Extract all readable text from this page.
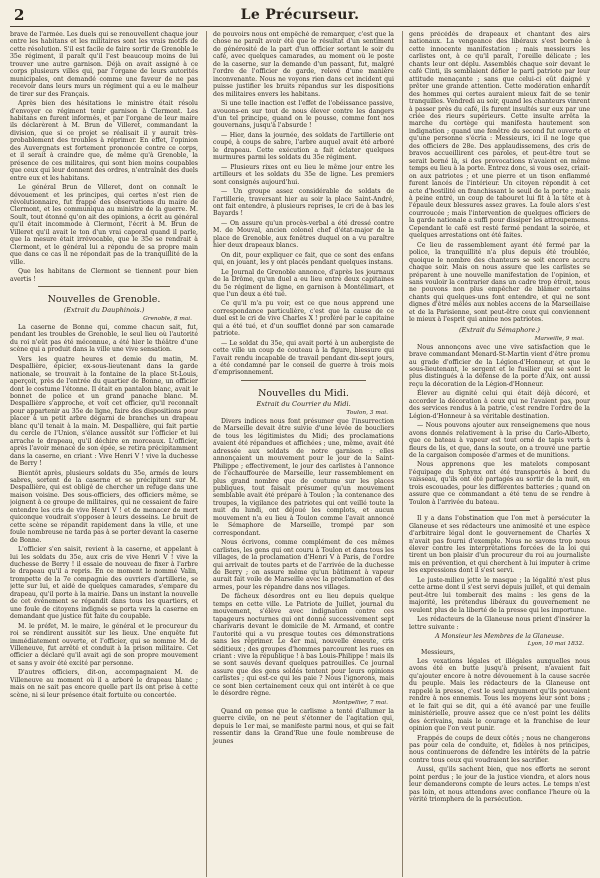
2	Le Précurseur.

brave de l'armée. Les duels qui se renouvellent chaque jour entre les habitans et les militaires sont les vrais motifs de cette résolution. S'il est facile de faire sortir de Grenoble le 35e régiment, il paraît qu'il l'est beaucoup moins de lui trouver une autre garnison. Déjà on avait assigné à ce corps plusieurs villes qui, par l'organe de leurs autorités municipales, ont demandé comme une faveur de ne pas recevoir dans leurs murs un régiment qui a eu le malheur de tirer sur des Français.

Après bien des hésitations le ministre était résolu d'envoyer ce régiment tenir garnison à Clermont. Les habitans en furent informés, et par l'organe de leur maire ils déclarèrent à M. Brun de Villeret, commandant la division, que si ce projet se réalisait il y aurait très-probablement des troubles à réprimer. En effet, l'opinion des Auvergnats est fortement prononcée contre ce corps, et il serait à craindre que, de même qu'à Grenoble, la présence de ces militaires, qui sont bien moins coupables que ceux qui leur donnent des ordres, n'entraînât des duels entre eux et les habitans.

Le général Brun de Villeret, dont on connaît le dévouement et les principes, qui certes n'est rien de révolutionnaire, fut frappé des observations du maire de Clermont, et les communiqua au ministre de la guerre. M. Soult, tout étonné qu'on ait des opinions, a écrit au général qu'il était incommode à Clermont, l'écrit à M. Brun de Villeret qu'il avait le ton d'un vrai caporal quand il parle, que la mesure était irrévocable, que le 35e se rendrait à Clermont, et le général lui a répondu de sa propre main que dans ce cas il ne répondait pas de la tranquillité de la ville.

Que les habitans de Clermont se tiennent pour bien avertis !

Nouvelles de Grenoble.
(Extrait du Dauphinois.)
Grenoble, 8 mai.

La caserne de Bonne qui, comme chacun sait, fut, pendant les troubles de Grenoble, le seul lieu où l'autorité du roi n'eût pas été méconnue, a été hier le théâtre d'une scène qui a produit dans la ville une vive sensation.

Vers les quatre heures et demie du matin, M. Despallière, épicier, ex-sous-lieutenant dans la garde nationale, se trouvait à la fontaine de la place St-Louis, aperçoit, près de l'entrée du quartier de Bonne, un officier dont le costume l'étonne. Il était en pantalon blanc, avait le bonnet de police et un grand panache blanc. M. Despallière s'approche, et voit cet officier, qu'il reconnaît pour appartenir au 35e de ligne, faire des dispositions pour placer à un petit arbre dégarni de branches un drapeau blanc qu'il tenait à la main. M. Despallière, qui fait partie du cercle de l'Union, s'élance aussitôt sur l'officier et lui arrache le drapeau, qu'il déchire en morceaux. L'officier, après l'avoir menacé de son épée, se retira précipitamment dans la caserne, en criant : Vive Henri V ! vive la duchesse de Berry !

Bientôt après, plusieurs soldats du 35e, armés de leurs sabres, sortent de la caserne et se précipitent sur M. Despallière, qui est obligé de chercher un refuge dans une maison voisine. Des sous-officiers, des officiers même, se joignent à ce groupe de militaires, qui ne cessaient de faire entendre les cris de vive Henri V ! et de menacer de mort quiconque voudrait s'opposer à leurs desseins. Le bruit de cette scène se répandit rapidement dans la ville, et une foule nombreuse ne tarda pas à se porter devant la caserne de Bonne.

L'officier s'en saisit, revient à la caserne, et appelant à lui les soldats du 35e, aux cris de vive Henri V ! vive la duchesse de Berry ! il essaie de nouveau de fixer à l'arbre le drapeau qu'il a repris. En ce moment le nommé Valin, trompette de la 7e compagnie des ouvriers d'artillerie, se jette sur lui, et aidé de quelques camarades, s'empare du drapeau, qu'il porte à la mairie. Dans un instant la nouvelle de cet événement se répandit dans tous les quartiers, et une foule de citoyens indignés se porta vers la caserne en demandant que justice fût faite du coupable.

M. le préfet, M. le maire, le général et le procureur du roi se rendirent aussitôt sur les lieux. Une enquête fut immédiatement ouverte, et l'officier, qui se nomme M. de Villeneuve, fut arrêté et conduit à la prison militaire. Cet officier a déclaré qu'il avait agi de son propre mouvement et sans y avoir été excité par personne.

D'autres officiers, dit-on, accompagnaient M. de Villeneuve au moment où il a arboré le drapeau blanc ; mais on ne sait pas encore quelle part ils ont prise à cette scène, ni si leur présence était fortuite ou concertée.

de pouvoirs nous ont empêché de remarquer, c'est que la chose ne paraît avoir été que le résultat d'un sentiment de générosité de la part d'un officier sortant le soir du café, avec quelques camarades, au moment où le poste de la caserne, sur la demande d'un passant, fut, malgré l'ordre de l'officier de garde, relevé d'une manière inconvenante. Nous ne voyons rien dans cet incident qui puisse justifier les bruits répandus sur les dispositions des militaires envers les habitans.

Si une telle inaction est l'effet de l'obéissance passive, avouons-en sur tout de nous élever contre les dangers d'un tel principe, quand on le pousse, comme font nos gouvernans, jusqu'à l'absurde !

— Hier, dans la journée, des soldats de l'artillerie ont coupé, à coups de sabre, l'arbre auquel avait été arboré le drapeau. Cette exécution a fait éclater quelques murmures parmi les soldats du 35e régiment.

— Plusieurs rixes ont eu lieu le même jour entre les artilleurs et les soldats du 35e de ligne. Les premiers sont consignés aujourd'hui.

— Un groupe assez considérable de soldats de l'artillerie, traversant hier au soir la place Saint-André, ont fait entendre, à plusieurs reprises, le cri de à bas les Bayards !

— On assure qu'un procès-verbal a été dressé contre M. de Mouval, ancien colonel chef d'état-major de la place de Grenoble, aux fenêtres duquel on a vu paraître hier deux drapeaux blancs.

On dit, pour expliquer ce fait, que ce sont des enfans qui, en jouant, les y ont placés pendant quelques instans.

Le Journal de Grenoble annonce, d'après les journaux de la Drôme, qu'un duel a eu lieu entre deux capitaines du 5e régiment de ligne, en garnison à Montélimart, et que l'un deux a été tué.

Ce qu'il m'a pu voir, est ce que nous apprend une correspondance particulière, c'est que la cause de ce duel est le cri de vive Charles X ! proféré par le capitaine qui a été tué, et d'un soufflet donné par son camarade patriote.

— Le soldat du 35e, qui avait porté à un aubergiste de cette ville un coup de couteau à la figure, blessure qui l'avait rendu incapable de travail pendant dix-sept jours, a été condamné par le conseil de guerre à trois mois d'emprisonnement.

Nouvelles du Midi.
Extrait du Courrier du Midi.
Toulon, 3 mai.

Divers indices nous font présumer que l'insurrection de Marseille devait être suivie d'une levée de boucliers de tous les légitimistes du Midi; des proclamations avaient été répandues et affichées ; une, même, avait été adressée aux soldats de notre garnison : elles annonçaient un mouvement pour le jour de la Saint-Philippe ; effectivement, le jour des carlistes à l'annonce de l'échauffourée de Marseille, leur rassemblement en plus grand nombre que de coutume sur les places publiques, tout faisait présumer qu'un mouvement semblable avait été préparé à Toulon ; la contenance des troupes, la vigilance des patriotes qui ont veillé toute la nuit du lundi, ont déjoué les complots, et aucun mouvement n'a eu lieu à Toulon comme l'avait annoncé le Sémaphore de Marseille, trompé par son correspondant.

Nous écrivons, comme complément de ces mêmes carlistes, les gens qui ont couru à Toulon et dans tous les villages, de la proclamation d'Henri V à Paris, de l'ordre qui arrivait de toutes parts et de l'arrivée de la duchesse de Berry ; on assure même qu'un bâtiment à vapeur aurait fait voile de Marseille avec la proclamation et des armes, pour les répandre dans nos villages.

De fâcheux désordres ont eu lieu depuis quelque temps en cette ville. Le Patriote de Juillet, journal du mouvement, s'élève avec indignation contre ces tapageurs nocturnes qui ont donné successivement sept charivaris devant le domicile de M. Armand, et contre l'autorité qui a vu presque toutes ces démonstrations sans les réprimer. Le 4er mai, nouvelle émeute, cris séditieux ; des groupes d'hommes parcourent les rues en criant : vive la république ! à bas Louis-Philippe ! mais ils se sont sauvés devant quelques patrouilles. Ce journal assure que des gens soldés tentent pour leurs opinions carlistes ; qui est-ce qui les paie ? Nous l'ignorons, mais ce sont bien certainement ceux qui ont intérêt à ce que le désordre règne.

Montpellier, 7 mai.

Quand on pense que le carlisme a tenté d'allumer la guerre civile, on ne peut s'étonner de l'agitation qui, depuis le 1er mai, se manifeste parmi nous, et qui se fait ressentir dans la Grand'Rue une foule nombreuse de jeunes

gens précédés de drapeaux et chantant des airs nationaux. La vengeance des libéraux s'est bornée à cette innocente manifestation ; mais messieurs les carlistes ont, à ce qu'il paraît, l'oreille délicate ; les chants leur ont déplu. Assemblés chaque soir devant le café Cinti, ils semblaient défier le parti patriote par leur attitude menaçante ; sans que celui-ci eût daigné y prêter une grande attention. Cette modération enhardit des hommes qui certes auraient mieux fait de se tenir tranquilles. Vendredi au soir, quand les chanteurs vinrent à passer près du café, ils furent insultés sur eux par une criée des rieurs supérieurs. Cette insulte arrêta la marche du cortège qui manifesta hautement son indignation ; quand une fenêtre du second fut ouverte et qu'une personne s'écria : Messieurs, ici il ne loge que des officiers de 28e. Des applaudissemens, des cris de bravos accueillirent ces paroles, et peut-être tout se serait borné là, si des provocations n'avaient en même temps eu lieu à la porte. Entrez donc, si vous osez, criait-on aux patriotes ; et une pierre et un tison enflammé furent lancés de l'intérieur. Un citoyen répondit à cet acte d'hostilité en franchissant le seuil de la porte ; mais à peine entré, un coup de tabouret lui fit à la tête et à l'épaule deux blessures assez graves. La foule alors s'est courroucée ; mais l'intervention de quelques officiers de la garde nationale a suffi pour dissiper les attroupemens. Cependant le café est resté fermé pendant la soirée, et quelques arrestations ont été faites.

Ce lieu de rassemblement ayant été fermé par la police, la tranquillité n'a plus depuis été troublée, quoique le nombre des chanteurs se soit encore accru chaque soir. Mais on nous assure que les carlistes se préparent à une nouvelle manifestation de l'opinion, et sans vouloir la contrarier dans un cadre trop étroit, nous ne pouvons non plus empêcher de blâmer certains chants qui quelques-uns font entendre, et qui ne sont dignes d'être mêlés aux nobles accens de la Marseillaise et de la Parisienne, sont peut-être ceux qui conviennent le mieux à l'esprit qui anime nos patriotes.

(Extrait du Sémaphore.)
Marseille, 9 mai.

Nous annonçons avec une vive satisfaction que le brave commandant Menard-St-Martin vient d'être promu au grade d'officier de la Légion-d'Honneur, et que le sous-lieutenant, le sergent et le fusilier qui se sont le plus distingués à la défense de la porte d'Aix, ont aussi reçu la décoration de la Légion-d'Honneur.

Élever au dignité celui qui était déjà décoré, et accorder la décoration à ceux qui ne l'avaient pas, pour des services rendus à la patrie, c'est rendre l'ordre de la Légion-d'Honneur à sa véritable destination.

— Nous pouvons ajouter aux renseignemens que nous avons donnés relativement à la prise du Carlo-Alberto, que ce bateau à vapeur est tout orné de tapis verts à fleurs de lis, et que, dans la soute, on a trouvé une partie de la cargaison composée d'armes et de munitions.

Nous apprenons que les matelots composant l'équipage du Sphynx ont été transportés à bord du vaisseau, qu'ils ont été partagés au sortir de la nuit, en trois escouades, pour les différentes batteries ; quand on assure que ce commandant a été tenu de se rendre à Toulon à l'arrivée du bateau.

Il y a dans l'obstination que l'on met à persécuter la Glaneuse et ses rédacteurs une animosité et une espèce d'arbitraire légal dont le gouvernement de Charles X n'avait pas fourni d'exemple. Nous ne savons trop nous élever contre les interprétations forcées de la loi qui tirent un bon plaisir d'un procureur du roi au journaliste mis en prévention, et qui cherchent à lui imputer à crime les expressions dont il s'est servi.

Le juste-milieu jette le masque ; la légalité n'est plus cette arme dont il s'est servi depuis juillet, et qui demain peut-être lui tomberait des mains : les gens de la majorité, les prétendus libéraux du gouvernement ne veulent plus de la liberté de la presse qui les importune.

Les rédacteurs de la Glaneuse nous prient d'insérer la lettre suivante :

A Monsieur les Membres de la Glaneuse.
Lyon, 10 mai 1832.
Messieurs,

Les vexations légales et illégales auxquelles nous avons été en butte jusqu'à présent, n'avaient fait qu'ajouter encore à notre dévouement à la cause sacrée du peuple. Mais les rédacteurs de la Glaneuse ont rappelé la presse, c'est le seul argument qu'ils pouvaient rendre à nos ennemis. Tous les moyens leur sont bons ; et le fait qui se dit, qui a été avancé par une feuille ministérielle, prouve assez que ce n'est point les délits des écrivains, mais le courage et la franchise de leur opinion que l'on veut punir.

Frappés de coups de deux côtés ; nous ne changerons pas pour cela de conduite, et, fidèles à nos principes, nous continuerons de défendre les intérêts de la patrie contre tous ceux qui voudraient les sacrifier.

Aussi, qu'ils sachent bien, que nos efforts ne seront point perdus ; le jour de la justice viendra, et alors nous leur demanderons compte de leurs actes. Le temps n'est pas loin, et nous attendons avec confiance l'heure où la vérité triomphera de la persécution.
